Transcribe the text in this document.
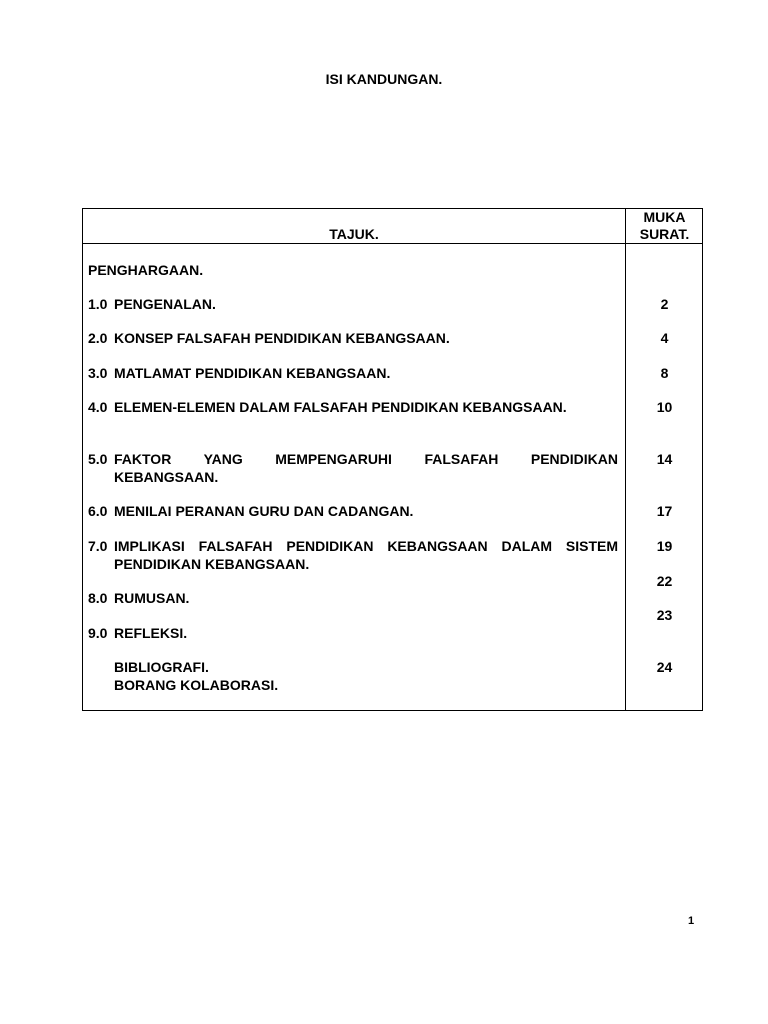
ISI KANDUNGAN.
TAJUK.
MUKA
SURAT.
PENGHARGAAN.
1.0 PENGENALAN.
2.0 KONSEP FALSAFAH PENDIDIKAN KEBANGSAAN.
3.0 MATLAMAT PENDIDIKAN KEBANGSAAN.
4.0 ELEMEN-ELEMEN DALAM FALSAFAH PENDIDIKAN KEBANGSAAN.
5.0 FAKTOR YANG MEMPENGARUHI FALSAFAH PENDIDIKAN
KEBANGSAAN.
6.0 MENILAI PERANAN GURU DAN CADANGAN.
7.0 IMPLIKASI FALSAFAH PENDIDIKAN KEBANGSAAN DALAM SISTEM
PENDIDIKAN KEBANGSAAN.
8.0 RUMUSAN.
9.0 REFLEKSI.
BIBLIOGRAFI.
BORANG KOLABORASI.
2
4
8
10
14
17
19
22
23
24
1
